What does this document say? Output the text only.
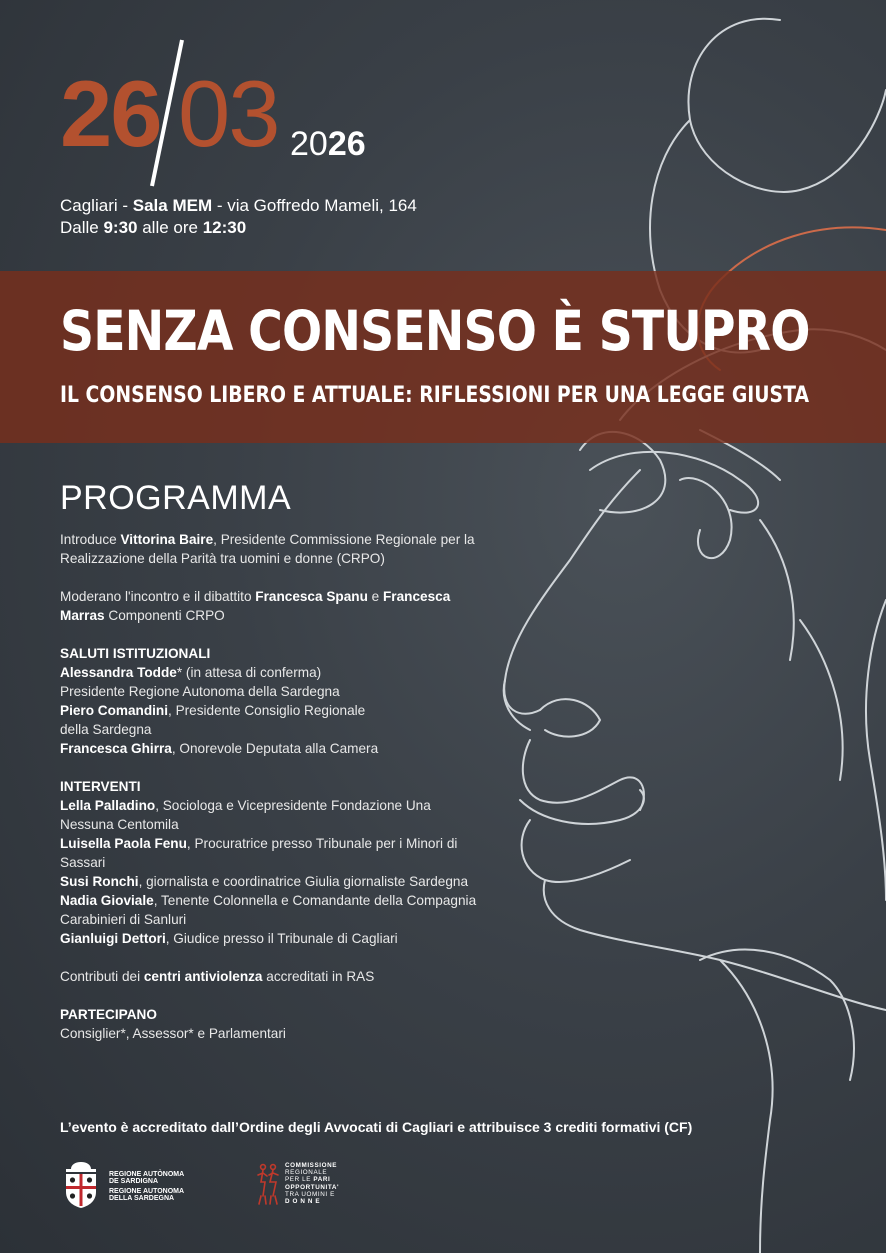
26 03 2026
Cagliari - Sala MEM - via Goffredo Mameli, 164
Dalle 9:30 alle ore 12:30
SENZA CONSENSO È STUPRO
IL CONSENSO LIBERO E ATTUALE: RIFLESSIONI PER UNA LEGGE GIUSTA
PROGRAMMA

Introduce Vittorina Baire, Presidente Commissione Regionale per la

Realizzazione della Parità tra uomini e donne (CRPO)

Moderano l'incontro e il dibattito Francesca Spanu e Francesca

Marras Componenti CRPO

SALUTI ISTITUZIONALI

Alessandra Todde* (in attesa di conferma)

Presidente Regione Autonoma della Sardegna

Piero Comandini, Presidente Consiglio Regionale

della Sardegna

Francesca Ghirra, Onorevole Deputata alla Camera

INTERVENTI

Lella Palladino, Sociologa e Vicepresidente Fondazione Una

Nessuna Centomila

Luisella Paola Fenu, Procuratrice presso Tribunale per i Minori di

Sassari

Susi Ronchi, giornalista e coordinatrice Giulia giornaliste Sardegna

Nadia Gioviale, Tenente Colonnella e Comandante della Compagnia

Carabinieri di Sanluri

Gianluigi Dettori, Giudice presso il Tribunale di Cagliari

Contributi dei centri antiviolenza accreditati in RAS

PARTECIPANO

Consiglier*, Assessor* e Parlamentari

L’evento è accreditato dall’Ordine degli Avvocati di Cagliari e attribuisce 3 crediti formativi (CF)
REGIONE AUTÒNOMA
DE SARDIGNA
REGIONE AUTONOMA
DELLA SARDEGNA
COMMISSIONE
REGIONALE
PER LE PARI
OPPORTUNITA'
TRA UOMINI E
D O N N E
